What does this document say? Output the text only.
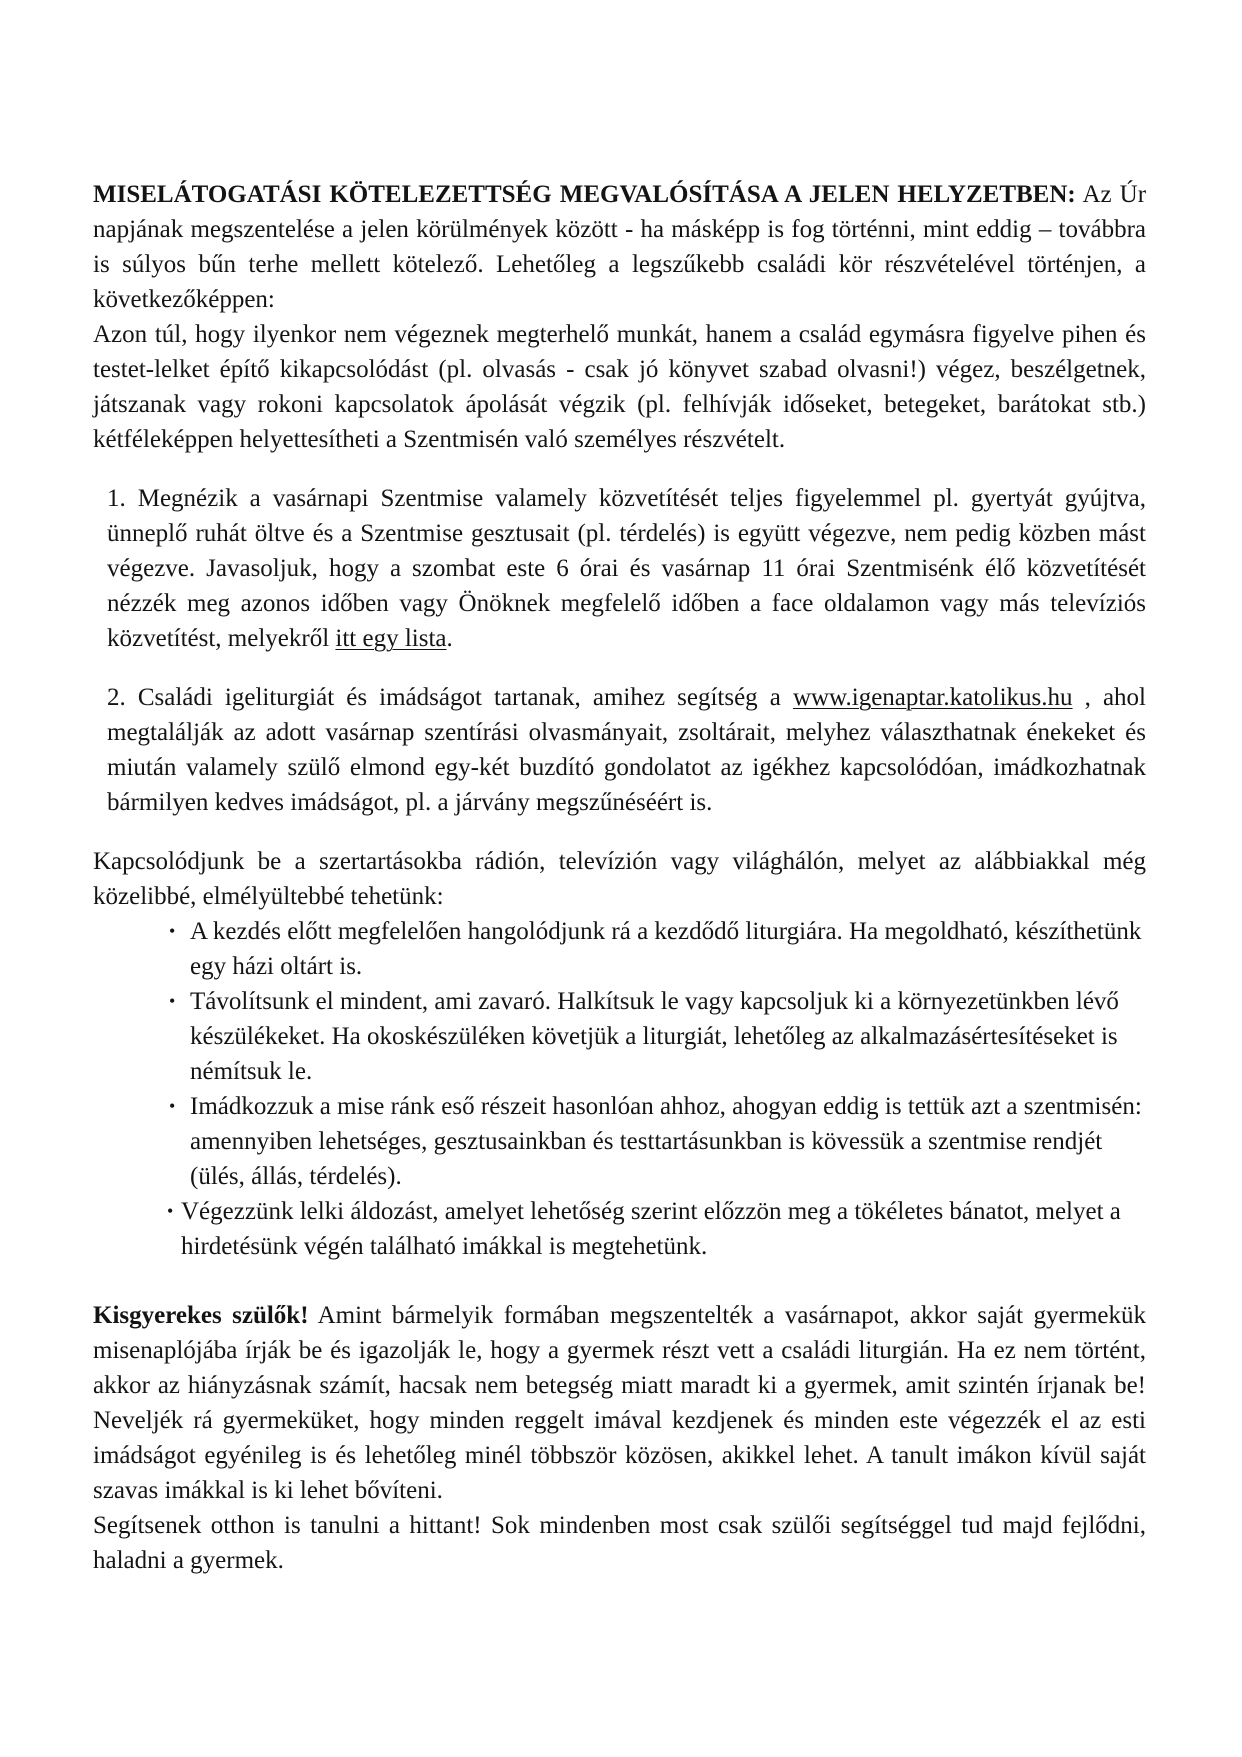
MISELÁTOGATÁSI KÖTELEZETTSÉG MEGVALÓSÍTÁSA A JELEN HELYZETBEN: Az Úr napjának megszentelése a jelen körülmények között - ha másképp is fog történni, mint eddig – továbbra is súlyos bűn terhe mellett kötelező. Lehetőleg a legszűkebb családi kör részvételével történjen, a következőképpen:

Azon túl, hogy ilyenkor nem végeznek megterhelő munkát, hanem a család egymásra figyelve pihen és testet-lelket építő kikapcsolódást (pl. olvasás - csak jó könyvet szabad olvasni!) végez, beszélgetnek, játszanak vagy rokoni kapcsolatok ápolását végzik (pl. felhívják időseket, betegeket, barátokat stb.) kétféleképpen helyettesítheti a Szentmisén való személyes részvételt.

1. Megnézik a vasárnapi Szentmise valamely közvetítését teljes figyelemmel pl. gyertyát gyújtva, ünneplő ruhát öltve és a Szentmise gesztusait (pl. térdelés) is együtt végezve, nem pedig közben mást végezve. Javasoljuk, hogy a szombat este 6 órai és vasárnap 11 órai Szentmisénk élő közvetítését nézzék meg azonos időben vagy Önöknek megfelelő időben a face oldalamon vagy más televíziós közvetítést, melyekről itt egy lista.

2. Családi igeliturgiát és imádságot tartanak, amihez segítség a www.igenaptar.katolikus.hu , ahol megtalálják az adott vasárnap szentírási olvasmányait, zsoltárait, melyhez választhatnak énekeket és miután valamely szülő elmond egy-két buzdító gondolatot az igékhez kapcsolódóan, imádkozhatnak bármilyen kedves imádságot, pl. a járvány megszűnéséért is.

Kapcsolódjunk be a szertartásokba rádión, televízión vagy világhálón, melyet az alábbiakkal még közelibbé, elmélyültebbé tehetünk:

• A kezdés előtt megfelelően hangolódjunk rá a kezdődő liturgiára. Ha megoldható, készíthetünk egy házi oltárt is.
• Távolítsunk el mindent, ami zavaró. Halkítsuk le vagy kapcsoljuk ki a környezetünkben lévő készülékeket. Ha okoskészüléken követjük a liturgiát, lehetőleg az alkalmazásértesítéseket is némítsuk le.
• Imádkozzuk a mise ránk eső részeit hasonlóan ahhoz, ahogyan eddig is tettük azt a szentmisén: amennyiben lehetséges, gesztusainkban és testtartásunkban is kövessük a szentmise rendjét (ülés, állás, térdelés).
• Végezzünk lelki áldozást, amelyet lehetőség szerint előzzön meg a tökéletes bánatot, melyet a hirdetésünk végén található imákkal is megtehetünk.

Kisgyerekes szülők! Amint bármelyik formában megszentelték a vasárnapot, akkor saját gyermekük misenaplójába írják be és igazolják le, hogy a gyermek részt vett a családi liturgián. Ha ez nem történt, akkor az hiányzásnak számít, hacsak nem betegség miatt maradt ki a gyermek, amit szintén írjanak be! Neveljék rá gyermeküket, hogy minden reggelt imával kezdjenek és minden este végezzék el az esti imádságot egyénileg is és lehetőleg minél többször közösen, akikkel lehet. A tanult imákon kívül saját szavas imákkal is ki lehet bővíteni.

Segítsenek otthon is tanulni a hittant! Sok mindenben most csak szülői segítséggel tud majd fejlődni, haladni a gyermek.
